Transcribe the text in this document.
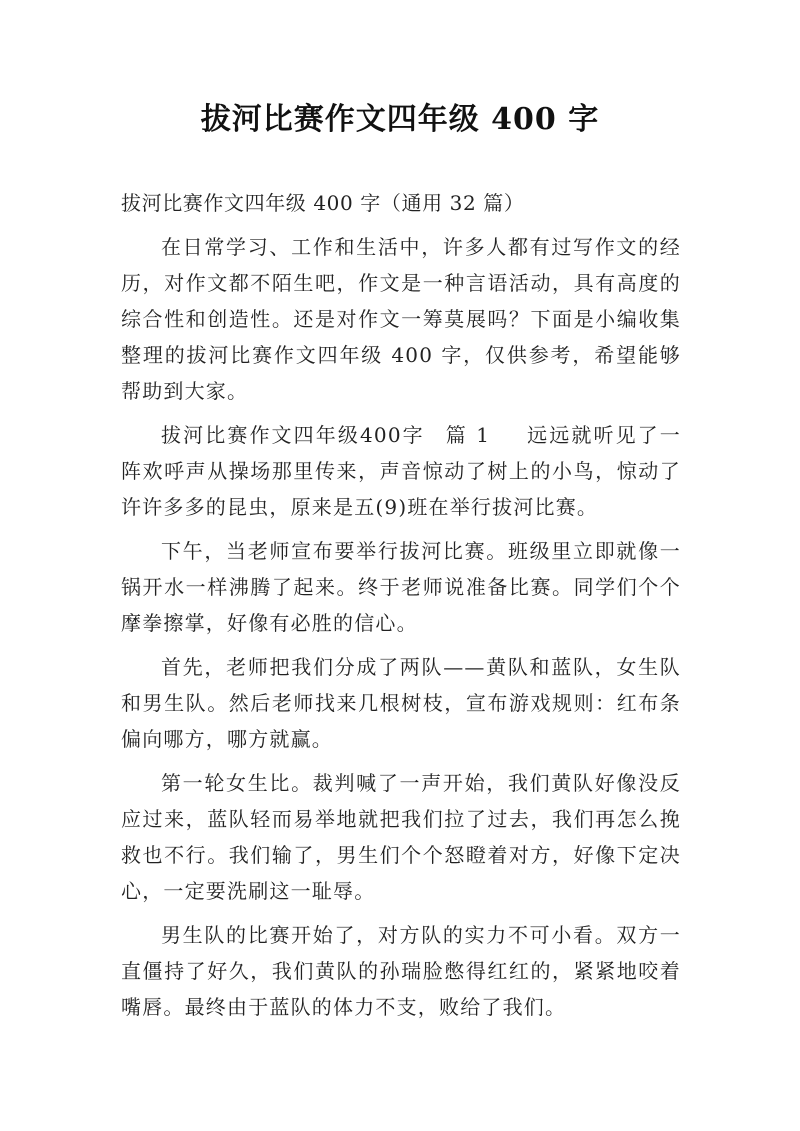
拔河比赛作文四年级 400 字

拔河比赛作文四年级 400 字（通用 32 篇）

在日常学习、工作和生活中，许多人都有过写作文的经历，对作文都不陌生吧，作文是一种言语活动，具有高度的综合性和创造性。还是对作文一筹莫展吗？下面是小编收集整理的拔河比赛作文四年级 400 字，仅供参考，希望能够帮助到大家。

拔河比赛作文四年级400字 篇 1 远远就听见了一阵欢呼声从操场那里传来，声音惊动了树上的小鸟，惊动了许许多多的昆虫，原来是五(9)班在举行拔河比赛。

下午，当老师宣布要举行拔河比赛。班级里立即就像一锅开水一样沸腾了起来。终于老师说准备比赛。同学们个个摩拳擦掌，好像有必胜的信心。

首先，老师把我们分成了两队——黄队和蓝队，女生队和男生队。然后老师找来几根树枝，宣布游戏规则：红布条偏向哪方，哪方就赢。

第一轮女生比。裁判喊了一声开始，我们黄队好像没反应过来，蓝队轻而易举地就把我们拉了过去，我们再怎么挽救也不行。我们输了，男生们个个怒瞪着对方，好像下定决心，一定要洗刷这一耻辱。

男生队的比赛开始了，对方队的实力不可小看。双方一直僵持了好久，我们黄队的孙瑞脸憋得红红的，紧紧地咬着嘴唇。最终由于蓝队的体力不支，败给了我们。
